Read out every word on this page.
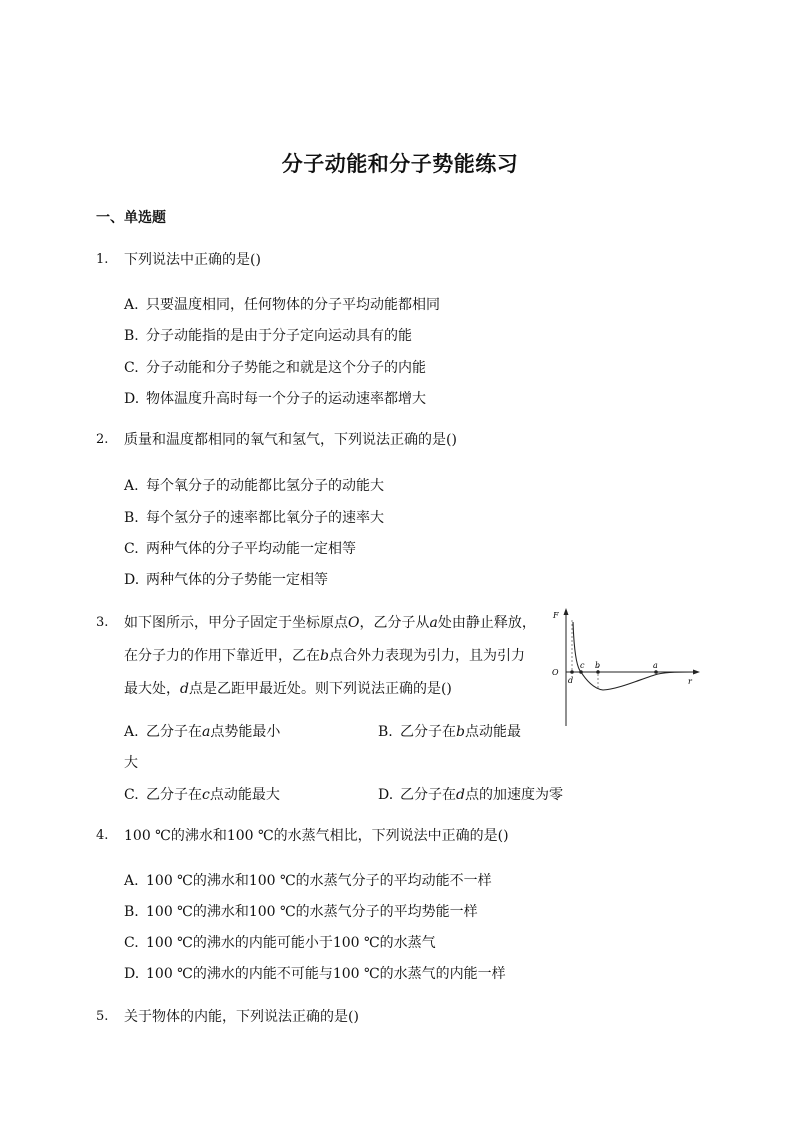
分子动能和分子势能练习
一、单选题
1. 下列说法中正确的是()
A. 只要温度相同，任何物体的分子平均动能都相同
B. 分子动能指的是由于分子定向运动具有的能
C. 分子动能和分子势能之和就是这个分子的内能
D. 物体温度升高时每一个分子的运动速率都增大
2. 质量和温度都相同的氧气和氢气，下列说法正确的是()
A. 每个氧分子的动能都比氢分子的动能大
B. 每个氢分子的速率都比氧分子的速率大
C. 两种气体的分子平均动能一定相等
D. 两种气体的分子势能一定相等
3. 如下图所示，甲分子固定于坐标原点O，乙分子从a处由静止释放，
在分子力的作用下靠近甲，乙在b点合外力表现为引力，且为引力
最大处，d点是乙距甲最近处。则下列说法正确的是()
A. 乙分子在a点势能最小	B. 乙分子在b点动能最
大
C. 乙分子在c点动能最大	D. 乙分子在d点的加速度为零
F
r
O
d
c b	a
4. 100 ℃的沸水和100 ℃的水蒸气相比，下列说法中正确的是()
A. 100 ℃的沸水和100 ℃的水蒸气分子的平均动能不一样
B. 100 ℃的沸水和100 ℃的水蒸气分子的平均势能一样
C. 100 ℃的沸水的内能可能小于100 ℃的水蒸气
D. 100 ℃的沸水的内能不可能与100 ℃的水蒸气的内能一样
5. 关于物体的内能，下列说法正确的是()
